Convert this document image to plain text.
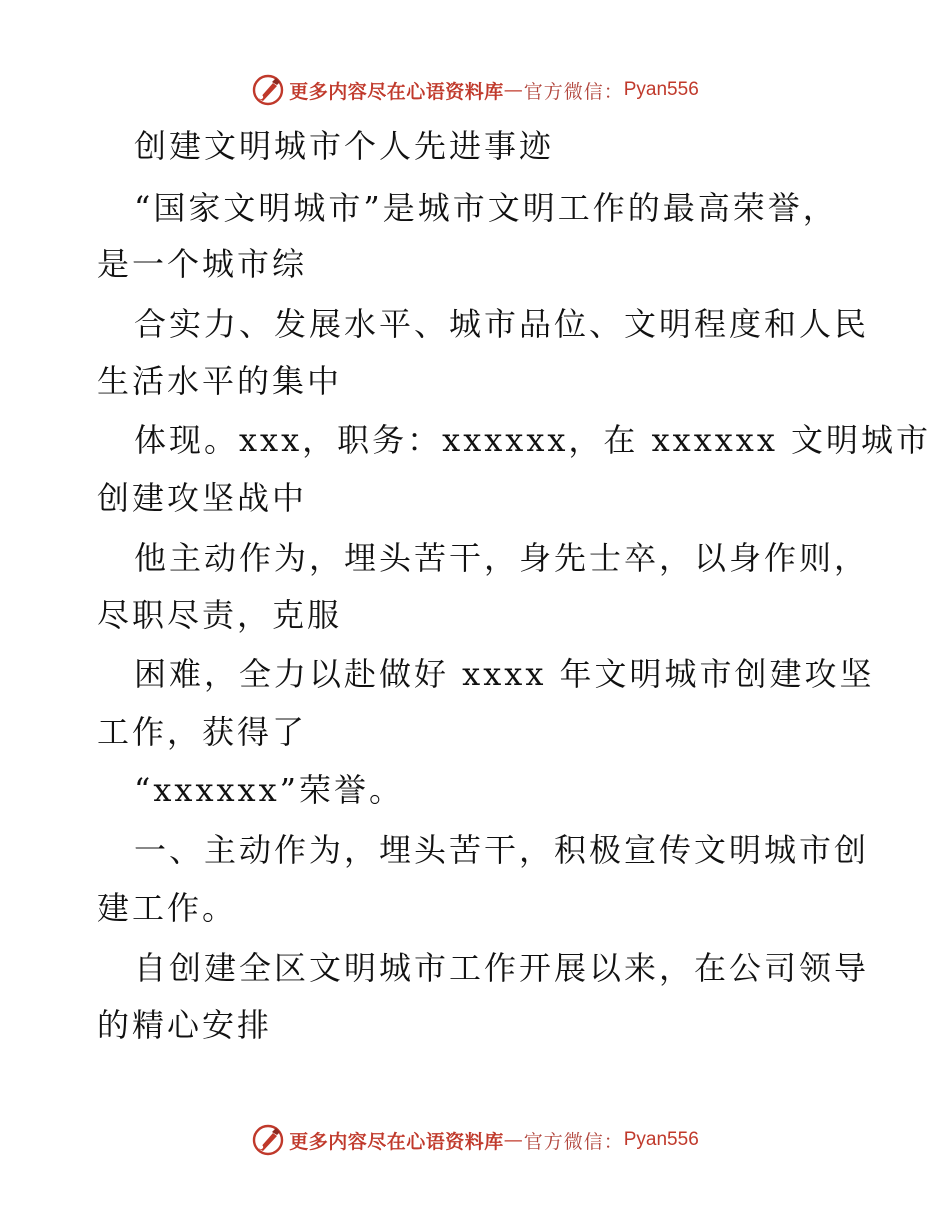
更多内容尽在心语资料库 — 官方微信： Pyan556
创建文明城市个人先进事迹
“国家文明城市”是城市文明工作的最高荣誉，
是一个城市综
合实力、发展水平、城市品位、文明程度和人民
生活水平的集中
体现。xxx，职务：xxxxxx，在 xxxxxx 文明城市
创建攻坚战中
他主动作为，埋头苦干，身先士卒，以身作则，
尽职尽责，克服
困难，全力以赴做好 xxxx 年文明城市创建攻坚
工作，获得了
“xxxxxx”荣誉。
一、主动作为，埋头苦干，积极宣传文明城市创
建工作。
自创建全区文明城市工作开展以来，在公司领导
的精心安排
更多内容尽在心语资料库 — 官方微信： Pyan556
